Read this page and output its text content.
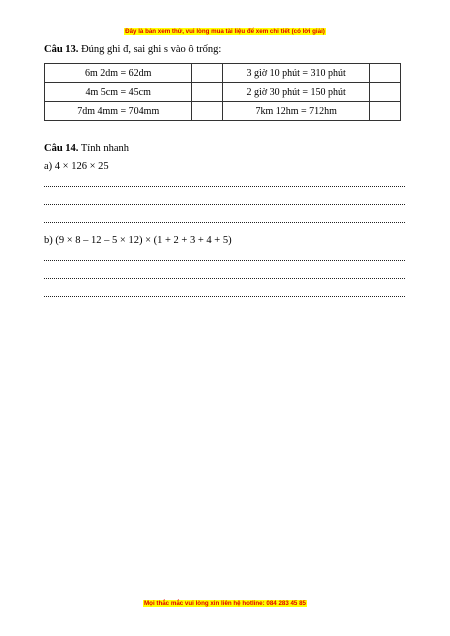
Đây là bản xem thử, vui lòng mua tài liệu để xem chi tiết (có lời giải)
Câu 13. Đúng ghi đ, sai ghi s vào ô trống:
6m 2dm = 62dm		3 giờ 10 phút = 310 phút	
4m 5cm = 45cm		2 giờ 30 phút = 150 phút	
7dm 4mm = 704mm		7km 12hm = 712hm	
Câu 14. Tính nhanh
a) 4 × 126 × 25
b) (9 × 8 – 12 – 5 × 12) × (1 + 2 + 3 + 4 + 5)
Mọi thắc mắc vui lòng xin liên hệ hotline: 084 283 45 85
